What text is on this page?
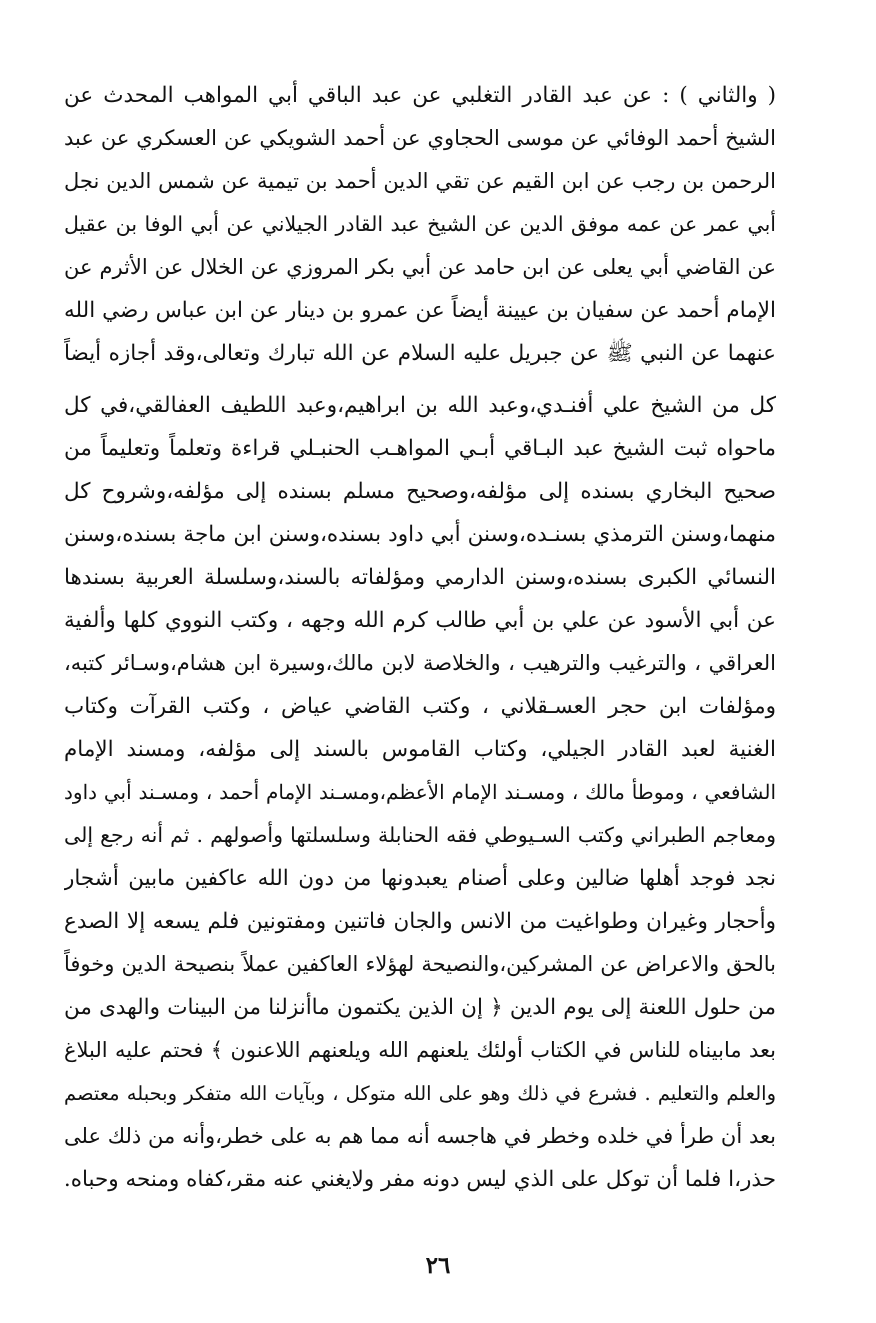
( والثاني ) : عن عبد القادر التغلبي عن عبد الباقي أبي المواهب المحدث عن
الشيخ أحمد الوفائي عن موسى الحجاوي عن أحمد الشويكي عن العسكري عن عبد
الرحمن بن رجب عن ابن القيم عن تقي الدين أحمد بن تيمية عن شمس الدين نجل
أبي عمر عن عمه موفق الدين عن الشيخ عبد القادر الجيلاني عن أبي الوفا بن عقيل
عن القاضي أبي يعلى عن ابن حامد عن أبي بكر المروزي عن الخلال عن الأثرم عن
الإمام أحمد عن سفيان بن عيينة أيضاً عن عمرو بن دينار عن ابن عباس رضي الله
عنهما عن النبي ﷺ عن جبريل عليه السلام عن الله تبارك وتعالى،وقد أجازه أيضاً
كل من الشيخ علي أفنـدي،وعبد الله بن ابراهيم،وعبد اللطيف العفالقي،في كل
ماحواه ثبت الشيخ عبد البـاقي أبـي المواهـب الحنبـلي قراءة وتعلماً وتعليماً من
صحيح البخاري بسنده إلى مؤلفه،وصحيح مسلم بسنده إلى مؤلفه،وشروح كل
منهما،وسنن الترمذي بسنـده،وسنن أبي داود بسنده،وسنن ابن ماجة بسنده،وسنن
النسائي الكبرى بسنده،وسنن الدارمي ومؤلفاته بالسند،وسلسلة العربية بسندها
عن أبي الأسود عن علي بن أبي طالب كرم الله وجهه ، وكتب النووي كلها وألفية
العراقي ، والترغيب والترهيب ، والخلاصة لابن مالك،وسيرة ابن هشام،وسـائر كتبه،
ومؤلفات ابن حجر العسـقلاني ، وكتب القاضي عياض ، وكتب القرآت وكتاب
الغنية لعبد القادر الجيلي، وكتاب القاموس بالسند إلى مؤلفه، ومسند الإمام
الشافعي ، وموطأ مالك ، ومسـند الإمام الأعظم،ومسـند الإمام أحمد ، ومسـند أبي داود
ومعاجم الطبراني وكتب السـيوطي فقه الحنابلة وسلسلتها وأصولهم . ثم أنه رجع إلى
نجد فوجد أهلها ضالين وعلى أصنام يعبدونها من دون الله عاكفين مابين أشجار
وأحجار وغيران وطواغيت من الانس والجان فاتنين ومفتونين فلم يسعه إلا الصدع
بالحق والاعراض عن المشركين،والنصيحة لهؤلاء العاكفين عملاً بنصيحة الدين وخوفاً
من حلول اللعنة إلى يوم الدين ﴿ إن الذين يكتمون ماأنزلنا من البينات والهدى من
بعد مابيناه للناس في الكتاب أولئك يلعنهم الله ويلعنهم اللاعنون ﴾ فحتم عليه البلاغ
والعلم والتعليم . فشرع في ذلك وهو على الله متوكل ، وبآيات الله متفكر وبحبله معتصم
بعد أن طرأ في خلده وخطر في هاجسه أنه مما هم به على خطر،وأنه من ذلك على
حذر،ا فلما أن توكل على الذي ليس دونه مفر ولايغني عنه مقر،كفاه ومنحه وحباه.
٢٦
